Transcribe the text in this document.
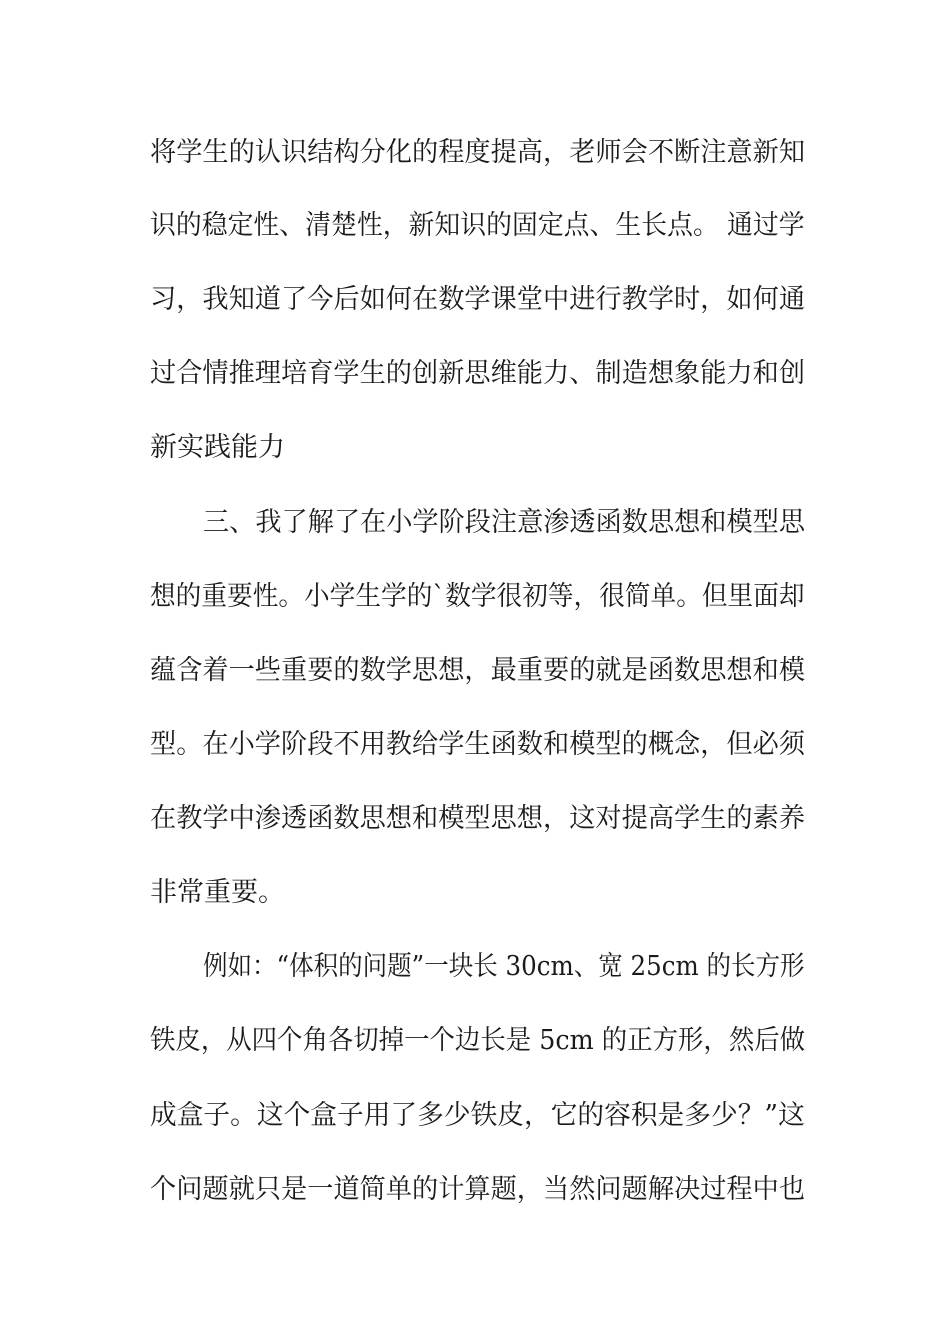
将学生的认识结构分化的程度提高，老师会不断注意新知
识的稳定性、清楚性，新知识的固定点、生长点。 通过学
习，我知道了今后如何在数学课堂中进行教学时，如何通
过合情推理培育学生的创新思维能力、制造想象能力和创
新实践能力
三、我了解了在小学阶段注意渗透函数思想和模型思
想的重要性。小学生学的`数学很初等，很简单。但里面却
蕴含着一些重要的数学思想，最重要的就是函数思想和模
型。在小学阶段不用教给学生函数和模型的概念，但必须
在教学中渗透函数思想和模型思想，这对提高学生的素养
非常重要。
例如：“体积的问题”一块长 30cm、宽 25cm 的长方形
铁皮，从四个角各切掉一个边长是 5cm 的正方形，然后做
成盒子。这个盒子用了多少铁皮，它的容积是多少？”这
个问题就只是一道简单的计算题，当然问题解决过程中也
